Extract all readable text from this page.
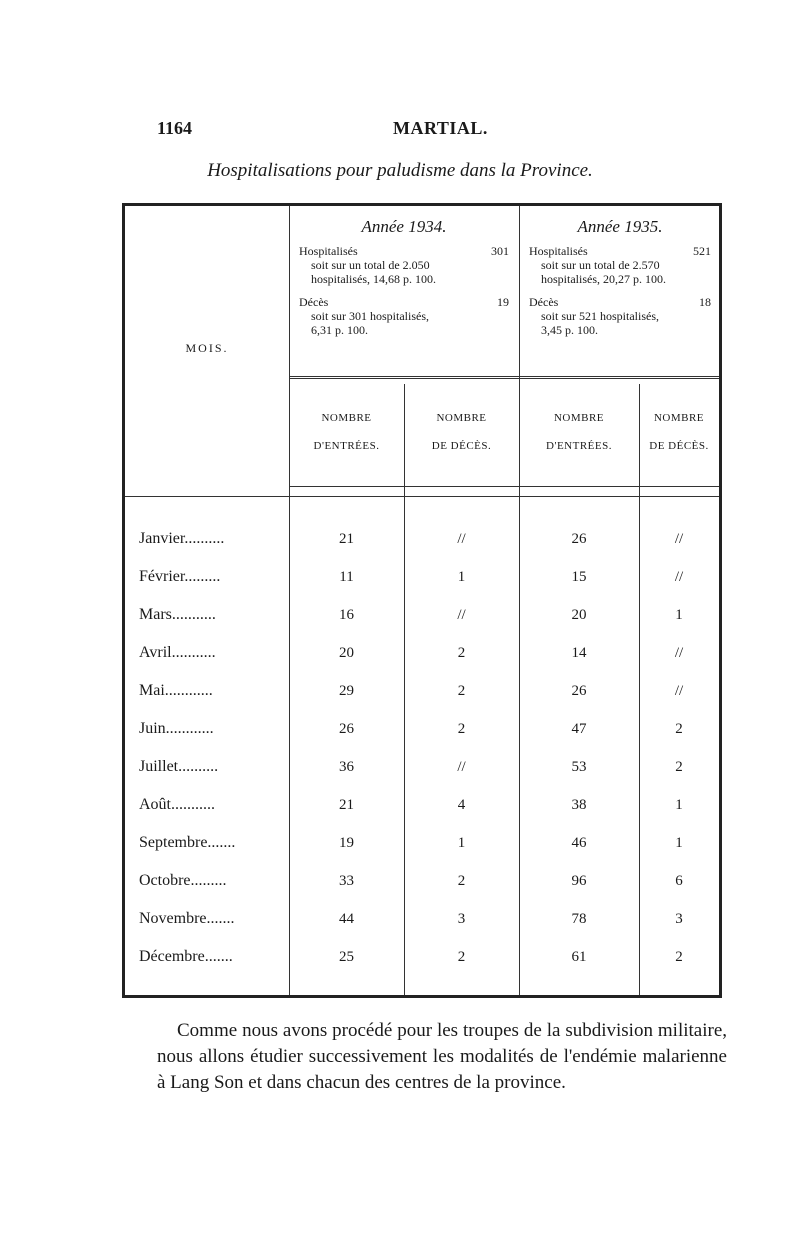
1164	MARTIAL.
Hospitalisations pour paludisme dans la Province.
MOIS.
Année 1934.
Hospitalisés	301
soit sur un total de 2.050
hospitalisés, 14,68 p. 100.
Décès	19
soit sur 301 hospitalisés,
6,31 p. 100.
Année 1935.
Hospitalisés	521
soit sur un total de 2.570
hospitalisés, 20,27 p. 100.
Décès	18
soit sur 521 hospitalisés,
3,45 p. 100.
NOMBRE
D'ENTRÉES.
NOMBRE
DE DÉCÈS.
NOMBRE
D'ENTRÉES.
NOMBRE
DE DÉCÈS.
Janvier..........	21	//	26	//
Février.........	11	1	15	//
Mars...........	16	//	20	1
Avril...........	20	2	14	//
Mai............	29	2	26	//
Juin............	26	2	47	2
Juillet..........	36	//	53	2
Août...........	21	4	38	1
Septembre.......	19	1	46	1
Octobre.........	33	2	96	6
Novembre.......	44	3	78	3
Décembre.......	25	2	61	2
Comme nous avons procédé pour les troupes de la subdivision militaire, nous allons étudier successivement les modalités de l'endémie malarienne à Lang Son et dans chacun des centres de la province.
